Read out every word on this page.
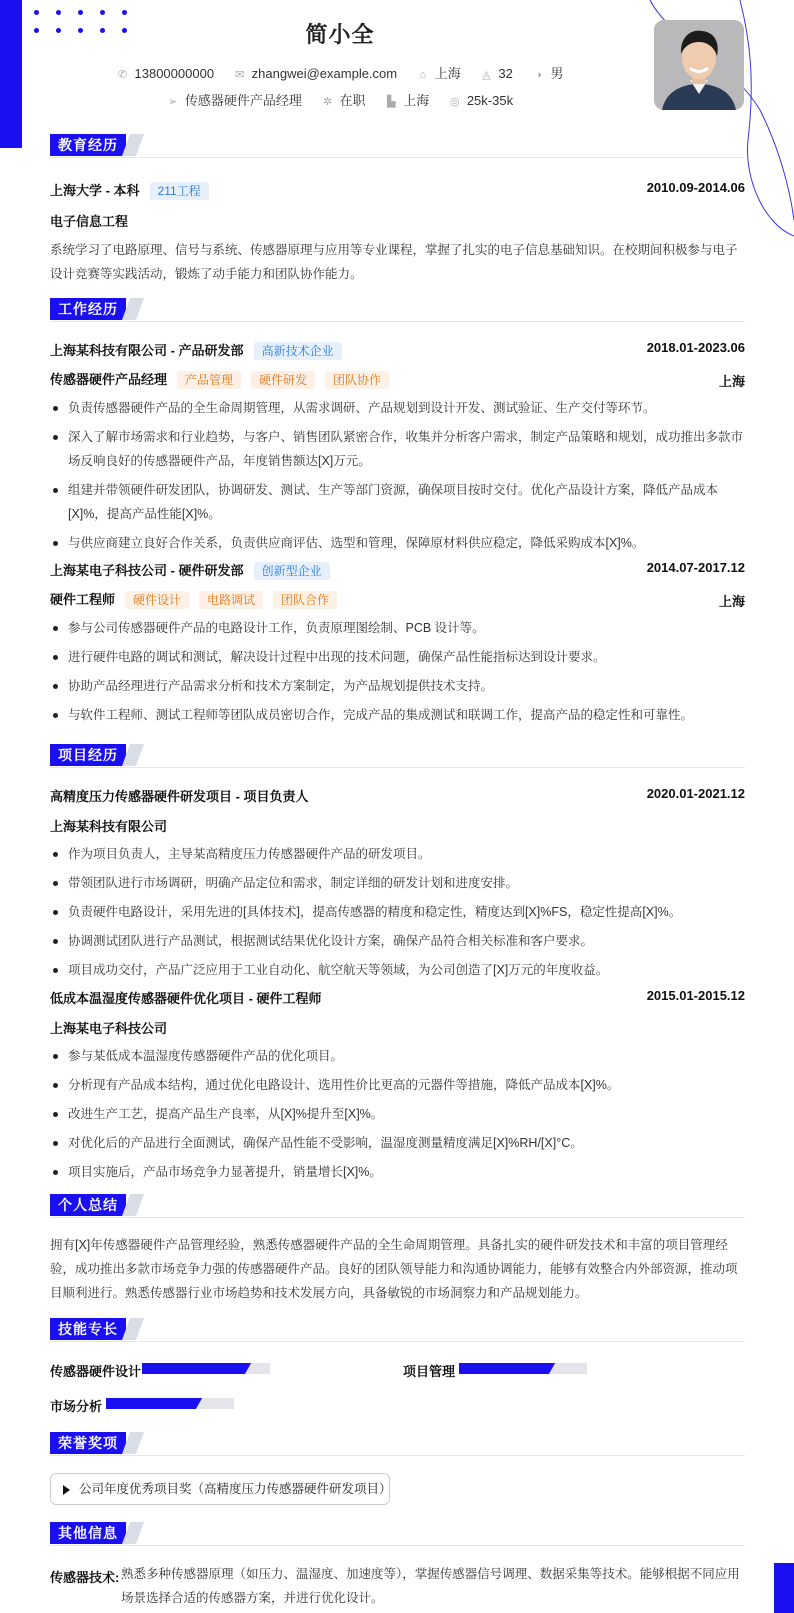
简小全
✆ 13800000000 ✉ zhangwei@example.com ⌂ 上海 ◬ 32 ◑ 男
➢ 传感器硬件产品经理 ✲ 在职 ▙ 上海 ◎ 25k-35k
教育经历
上海大学 - 本科 211工程	2010.09-2014.06
电子信息工程
系统学习了电路原理、信号与系统、传感器原理与应用等专业课程，掌握了扎实的电子信息基础知识。在校期间积极参与电子设计竞赛等实践活动，锻炼了动手能力和团队协作能力。
工作经历
上海某科技有限公司 - 产品研发部 高新技术企业	2018.01-2023.06
传感器硬件产品经理 产品管理 硬件研发 团队协作	上海
负责传感器硬件产品的全生命周期管理，从需求调研、产品规划到设计开发、测试验证、生产交付等环节。
深入了解市场需求和行业趋势，与客户、销售团队紧密合作，收集并分析客户需求，制定产品策略和规划，成功推出多款市场反响良好的传感器硬件产品，年度销售额达[X]万元。
组建并带领硬件研发团队，协调研发、测试、生产等部门资源，确保项目按时交付。优化产品设计方案，降低产品成本[X]%，提高产品性能[X]%。
与供应商建立良好合作关系，负责供应商评估、选型和管理，保障原材料供应稳定，降低采购成本[X]%。
上海某电子科技公司 - 硬件研发部 创新型企业	2014.07-2017.12
硬件工程师 硬件设计 电路调试 团队合作	上海
参与公司传感器硬件产品的电路设计工作，负责原理图绘制、PCB 设计等。
进行硬件电路的调试和测试，解决设计过程中出现的技术问题，确保产品性能指标达到设计要求。
协助产品经理进行产品需求分析和技术方案制定，为产品规划提供技术支持。
与软件工程师、测试工程师等团队成员密切合作，完成产品的集成测试和联调工作，提高产品的稳定性和可靠性。
项目经历
高精度压力传感器硬件研发项目 - 项目负责人	2020.01-2021.12
上海某科技有限公司
作为项目负责人，主导某高精度压力传感器硬件产品的研发项目。
带领团队进行市场调研，明确产品定位和需求，制定详细的研发计划和进度安排。
负责硬件电路设计，采用先进的[具体技术]，提高传感器的精度和稳定性，精度达到[X]%FS，稳定性提高[X]%。
协调测试团队进行产品测试，根据测试结果优化设计方案，确保产品符合相关标准和客户要求。
项目成功交付，产品广泛应用于工业自动化、航空航天等领域，为公司创造了[X]万元的年度收益。
低成本温湿度传感器硬件优化项目 - 硬件工程师	2015.01-2015.12
上海某电子科技公司
参与某低成本温湿度传感器硬件产品的优化项目。
分析现有产品成本结构，通过优化电路设计、选用性价比更高的元器件等措施，降低产品成本[X]%。
改进生产工艺，提高产品生产良率，从[X]%提升至[X]%。
对优化后的产品进行全面测试，确保产品性能不受影响，温湿度测量精度满足[X]%RH/[X]°C。
项目实施后，产品市场竞争力显著提升，销量增长[X]%。
个人总结
拥有[X]年传感器硬件产品管理经验，熟悉传感器硬件产品的全生命周期管理。具备扎实的硬件研发技术和丰富的项目管理经验，成功推出多款市场竞争力强的传感器硬件产品。良好的团队领导能力和沟通协调能力，能够有效整合内外部资源，推动项目顺利进行。熟悉传感器行业市场趋势和技术发展方向，具备敏锐的市场洞察力和产品规划能力。
技能专长
传感器硬件设计	项目管理
市场分析
荣誉奖项
公司年度优秀项目奖（高精度压力传感器硬件研发项目）
其他信息
传感器技术: 熟悉多种传感器原理（如压力、温湿度、加速度等），掌握传感器信号调理、数据采集等技术。能够根据不同应用场景选择合适的传感器方案，并进行优化设计。
